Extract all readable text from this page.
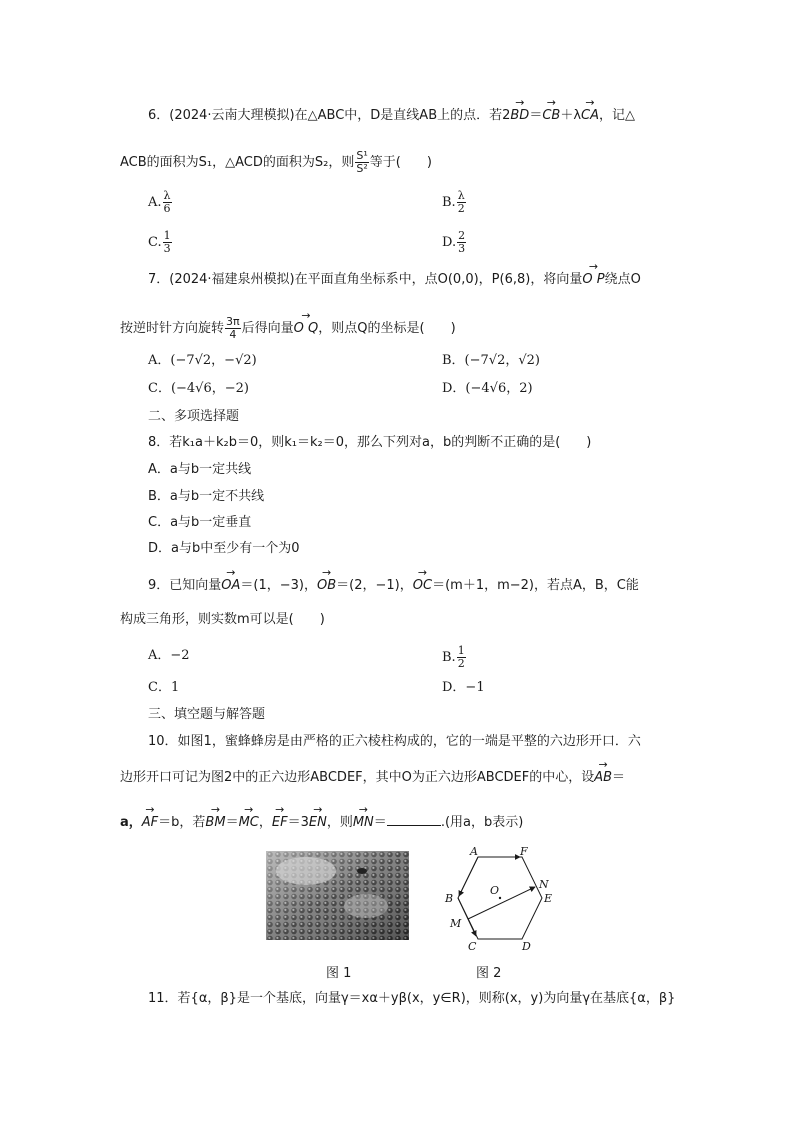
6．(2024·云南大理模拟)在△ABC中，D是直线AB上的点．若2→ BD＝→ CB＋λ→ CA，记△
ACB的面积为S₁，△ACD的面积为S₂，则 $\frac{\text{S¹}}{\text{S²}}$ 等于(　　)
A. $\frac{\lambda}{6}$	B. $\frac{\lambda}{2}$
C. $\frac{1}{3}$	D. $\frac{2}{3}$
7．(2024·福建泉州模拟)在平面直角坐标系中，点O(0,0)，P(6,8)，将向量→ O P绕点O
按逆时针方向旋转 $\frac{3\pi}{4}$ 后得向量→ O Q，则点Q的坐标是(　　)
A．(−7√2，−√2)	B．(−7√2，√2)
C．(−4√6，−2)	D．(−4√6，2)
二、多项选择题
8．若k₁a＋k₂b＝0，则k₁＝k₂＝0，那么下列对a，b的判断不正确的是(　　)
A．a与b一定共线
B．a与b一定不共线
C．a与b一定垂直
D．a与b中至少有一个为0
9．已知向量→ OA＝(1，−3)，→ OB＝(2，−1)，→ OC＝(m＋1，m−2)，若点A，B，C能
构成三角形，则实数m可以是(　　)
A．−2	B. $\frac{1}{2}$
C．1	D．−1
三、填空题与解答题
10．如图1，蜜蜂蜂房是由严格的正六棱柱构成的，它的一端是平整的六边形开口．六
边形开口可记为图2中的正六边形ABCDEF，其中O为正六边形ABCDEF的中心，设→ AB＝
a，→ AF＝b，若→ BM＝→ MC，→ EF＝3→ EN，则→ MN＝	.(用a，b表示)
图 1
A	F
O	N
B	E
M
C	D
图 2
11．若{α，β}是一个基底，向量γ＝xα＋yβ(x，y∈R)，则称(x，y)为向量γ在基底{α，β}
